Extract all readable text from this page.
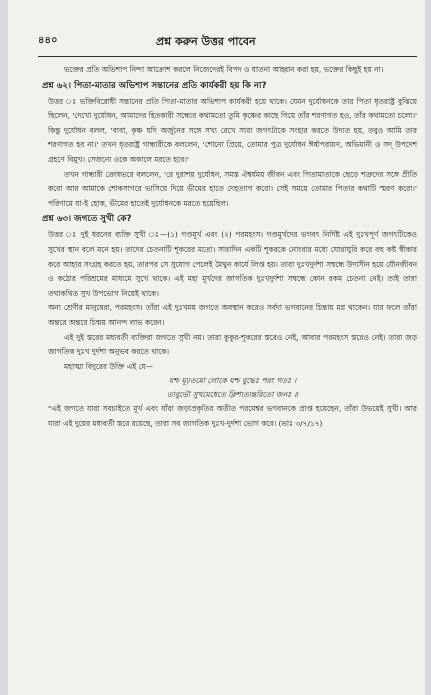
৪৪০	প্রশ্ন করুন উত্তর পাবেন

ভক্তের প্রতি অভিশাপ নিন্দা আক্রোশ করলে নিজেদেরই বিপদ ও যাতনা আহ্বান করা হয়, ভক্তের কিছুই হয় না।

প্রশ্ন ৬২। পিতা-মাতার অভিশাপ সন্তানের প্রতি কার্যকরী হয় কি না?

উত্তর ঃ ভক্তিবিরোধী সন্তানের প্রতি পিতা-মাতার অভিশাপ কার্যকরী হয়ে থাকে। যেমন দুর্যোধনকে তার পিতা ধৃতরাষ্ট্র বুঝিয়ে ছিলেন, 'দেখো দুর্যোধন, আমাদের হিতকারী সন্ধ্যের কথামতো তুমি কৃষ্ণের কাছে গিয়ে তাঁর শরণাগত হও, তাঁর কথামতো চলো।' কিন্তু দুর্যোধন বলল, 'বাবা, কৃষ্ণ যদি অর্জুনের সঙ্গে সখ্য রেখে সারা জগৎটাকে সংহার করতে উদ্যত হয়, তবুও আমি তার শরণাগত হব না।' তখন ধৃতরাষ্ট্র গান্ধারীকে বললেন, 'শোনো প্রিয়ে, তোমার পুত্র দুর্যোধন ঈর্ষাপরায়ণ, অভিমানী ও সদ্ উপদেশ গ্রহণে বিমুখ। সেজন্যে ওকে অকালে মরতে হবে।'

তখন গান্ধারী ক্রোধভরে বললেন, 'রে দুরাশয় দুর্যোধন, সমস্ত ঐশ্বর্যময় জীবন এবং পিতামাতাকে ছেড়ে শত্রুদের সঙ্গে প্রীতি করো আর আমাকে শোকসাগরে ভাসিয়ে দিয়ে ভীমের হাতে দেহত্যাগ করো। সেই সময়ে তোমার পিতার কথাটি স্মরণ করো।' পরিণামে যা-ই হোক, ভীমের হাতেই দুর্যোধনকে মরতে হয়েছিল।

প্রশ্ন ৬৩। জগতে সুখী কে?

উত্তর ঃ দুই ধরনের ব্যক্তি সুখী ঃ—(১) গণ্ডমূর্খ এবং (২) পরমহংস। গণ্ডমূর্খদের ভগবৎ নির্দিষ্ট এই দুঃখপূর্ণ জগৎটিকেও সুখের স্থান বলে মনে হয়। তাদের চেতনাটি শূকরের মতো। সারাদিন একটি শূকরকে নোংরার মধ্যে ঘোরাঘুরি করে বহু কষ্ট স্বীকার করে আহার সংগ্রহ করতে হয়, তারপর সে সুযোগ পেলেই মৈথুন কার্যে লিপ্ত হয়। তারা দুঃখদুর্দশা সম্বন্ধে উদাসীন হয়ে যৌনজীবন ও কঠোর পরিশ্রমের মাধ্যমে সুখে থাকে। এই মহা মূর্খদের জাগতিক দুঃখদুর্দশা সম্বন্ধে কোন রকম চেতনা নেই। তাই তারা তথাকথিত সুখ উপভোগ নিয়েই থাকে।

অন্য শ্রেণীর মানুষেরা, পরমহংস। তাঁরা এই দুঃখময় জগতে অবস্থান করেও সর্বদা ভগবানের চিন্তায় মগ্ন থাকেন। যার ফলে তাঁরা অন্তরে অন্তরে চিন্ময় আনন্দ লাভ করেন।

এই দুই স্তরের মধ্যবর্তী ব্যক্তিরা জগতে সুখী নয়। তারা কুকুর-শূকরের স্তরেও নেই, আবার পরমহংস স্তরেও নেই। তারা জড় জাগতিক দুঃখ দুর্দশা অনুভব করতে থাকে।

মহাত্মা বিদুরের উক্তি এই যে—

যশ্চ মূঢ়তমো লোকে যশ্চ বুদ্ধেঃ পরং গতঃ ।

তাবুভৌ সুখমেধেতে ক্লিশ্যত্যন্তরিতো জনঃ ॥

"এই জগতে যারা সবচাইতে মূর্খ এবং যাঁরা জড়াপ্রকৃতির অতীত পরমেশ্বর ভগবানকে প্রাপ্ত হয়েছেন, তাঁরা উভয়েই সুখী। আর যারা এই দুয়ের মধ্যবর্তী স্তরে রয়েছে, তারা সব জাগতিক দুঃখ-দুর্দশা ভোগ করে। (ভাঃ ৩/৭/১৭)
